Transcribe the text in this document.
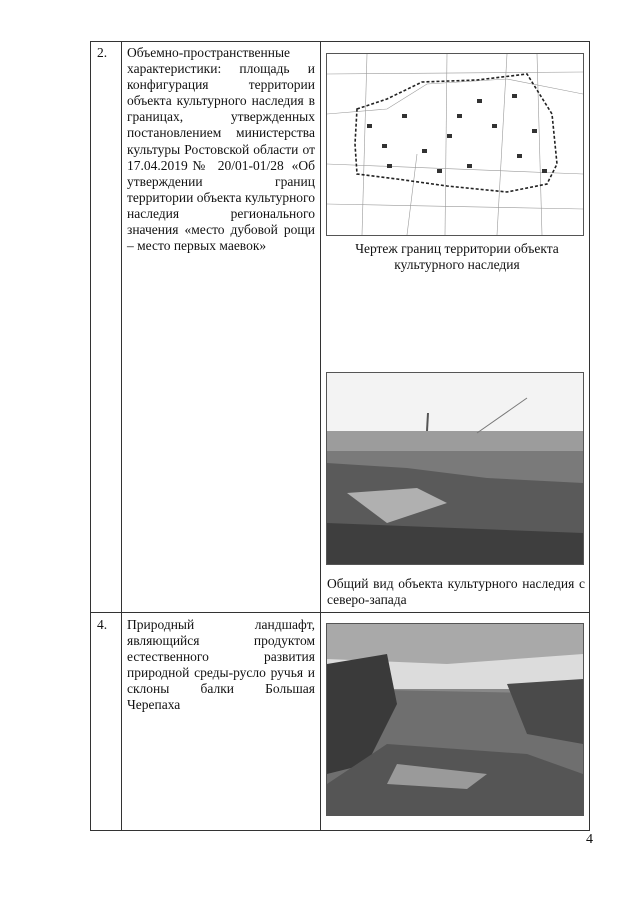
2. Объемно-пространственные характеристики: площадь и конфигурация территории объекта культурного наследия в границах, утвержденных постановлением министерства культуры Ростовской области от 17.04.2019№ 20/01-01/28 «Об утверждении границ территории объекта культурного наследия регионального значения «место дубовой рощи – место первых маевок»	Чертеж границ территории объекта культурного наследия
Общий вид объекта культурного наследия с северо-запада
4. Природный ландшафт, являющийся продуктом естественного развития природной среды-русло ручья и склоны балки Большая Черепаха
4
